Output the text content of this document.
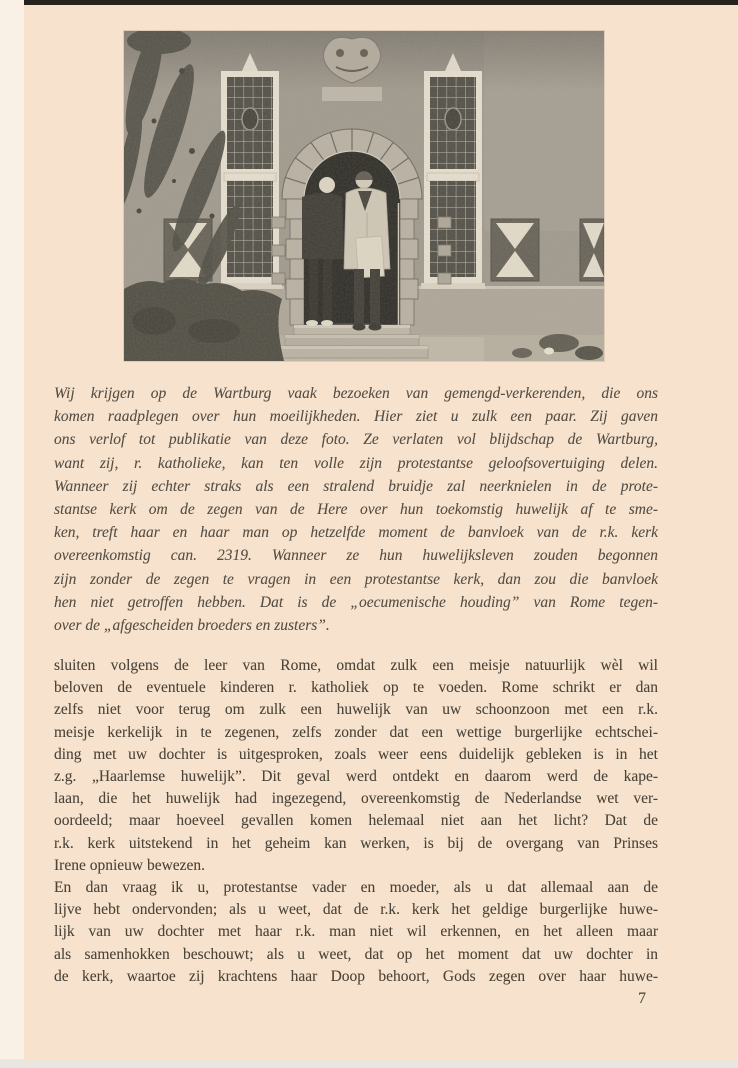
Wij krijgen op de Wartburg vaak bezoeken van gemengd-verkerenden, die ons
komen raadplegen over hun moeilijkheden. Hier ziet u zulk een paar. Zij gaven
ons verlof tot publikatie van deze foto. Ze verlaten vol blijdschap de Wartburg,
want zij, r. katholieke, kan ten volle zijn protestantse geloofsovertuiging delen.
Wanneer zij echter straks als een stralend bruidje zal neerknielen in de prote-
stantse kerk om de zegen van de Here over hun toekomstig huwelijk af te sme-
ken, treft haar en haar man op hetzelfde moment de banvloek van de r.k. kerk
overeenkomstig can. 2319. Wanneer ze hun huwelijksleven zouden begonnen
zijn zonder de zegen te vragen in een protestantse kerk, dan zou die banvloek
hen niet getroffen hebben. Dat is de „oecumenische houding” van Rome tegen-
over de „afgescheiden broeders en zusters”.
sluiten volgens de leer van Rome, omdat zulk een meisje natuurlijk wèl wil
beloven de eventuele kinderen r. katholiek op te voeden. Rome schrikt er dan
zelfs niet voor terug om zulk een huwelijk van uw schoonzoon met een r.k.
meisje kerkelijk in te zegenen, zelfs zonder dat een wettige burgerlijke echtschei-
ding met uw dochter is uitgesproken, zoals weer eens duidelijk gebleken is in het
z.g. „Haarlemse huwelijk”. Dit geval werd ontdekt en daarom werd de kape-
laan, die het huwelijk had ingezegend, overeenkomstig de Nederlandse wet ver-
oordeeld; maar hoeveel gevallen komen helemaal niet aan het licht? Dat de
r.k. kerk uitstekend in het geheim kan werken, is bij de overgang van Prinses
Irene opnieuw bewezen.
En dan vraag ik u, protestantse vader en moeder, als u dat allemaal aan de
lijve hebt ondervonden; als u weet, dat de r.k. kerk het geldige burgerlijke huwe-
lijk van uw dochter met haar r.k. man niet wil erkennen, en het alleen maar
als samenhokken beschouwt; als u weet, dat op het moment dat uw dochter in
de kerk, waartoe zij krachtens haar Doop behoort, Gods zegen over haar huwe-
7
